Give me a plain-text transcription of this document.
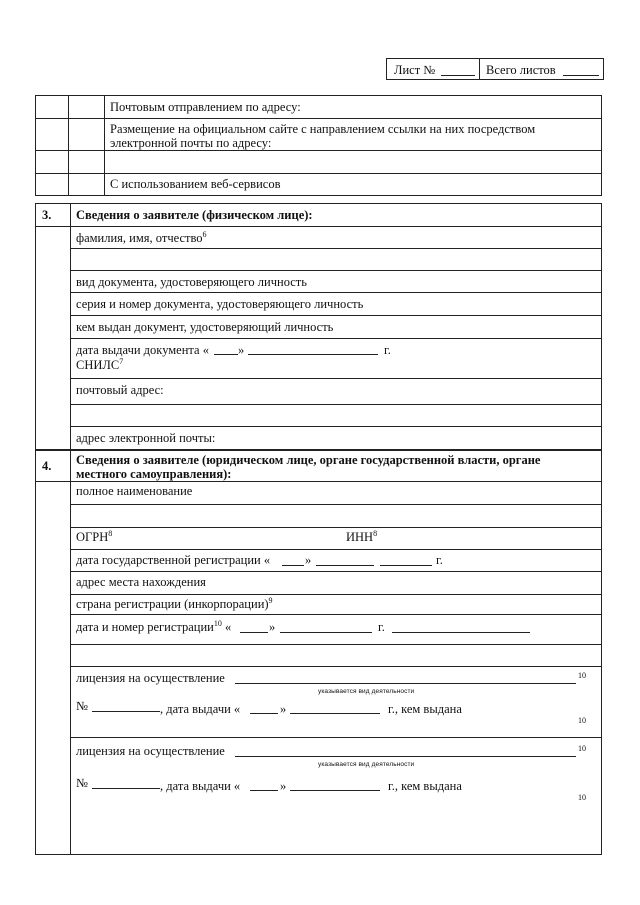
Лист №	Всего листов
Почтовым отправлением по адресу:
Размещение на официальном сайте с направлением ссылки на них посредством
электронной почты по адресу:
С использованием веб-сервисов
3. Сведения о заявителе (физическом лице):
фамилия, имя, отчество$^6$
вид документа, удостоверяющего личность
серия и номер документа, удостоверяющего личность
кем выдан документ, удостоверяющий личность
дата выдачи документа « »	г.
СНИЛС$^7$
почтовый адрес:
адрес электронной почты:
4. Сведения о заявителе (юридическом лице, органе государственной власти, органе
местного самоуправления):
полное наименование
ОГРН$^8$	ИНН$^8$
дата государственной регистрации «	»	г.
адрес места нахождения
страна регистрации (инкорпорации)$^9$
дата и номер регистрации$^{10}$ «	»	г.
лицензия на осуществление	10
указывается вид деятельности
№	, дата выдачи «	»	г., кем выдана
10
лицензия на осуществление	10
указывается вид деятельности
№	, дата выдачи «	»	г., кем выдана
10
